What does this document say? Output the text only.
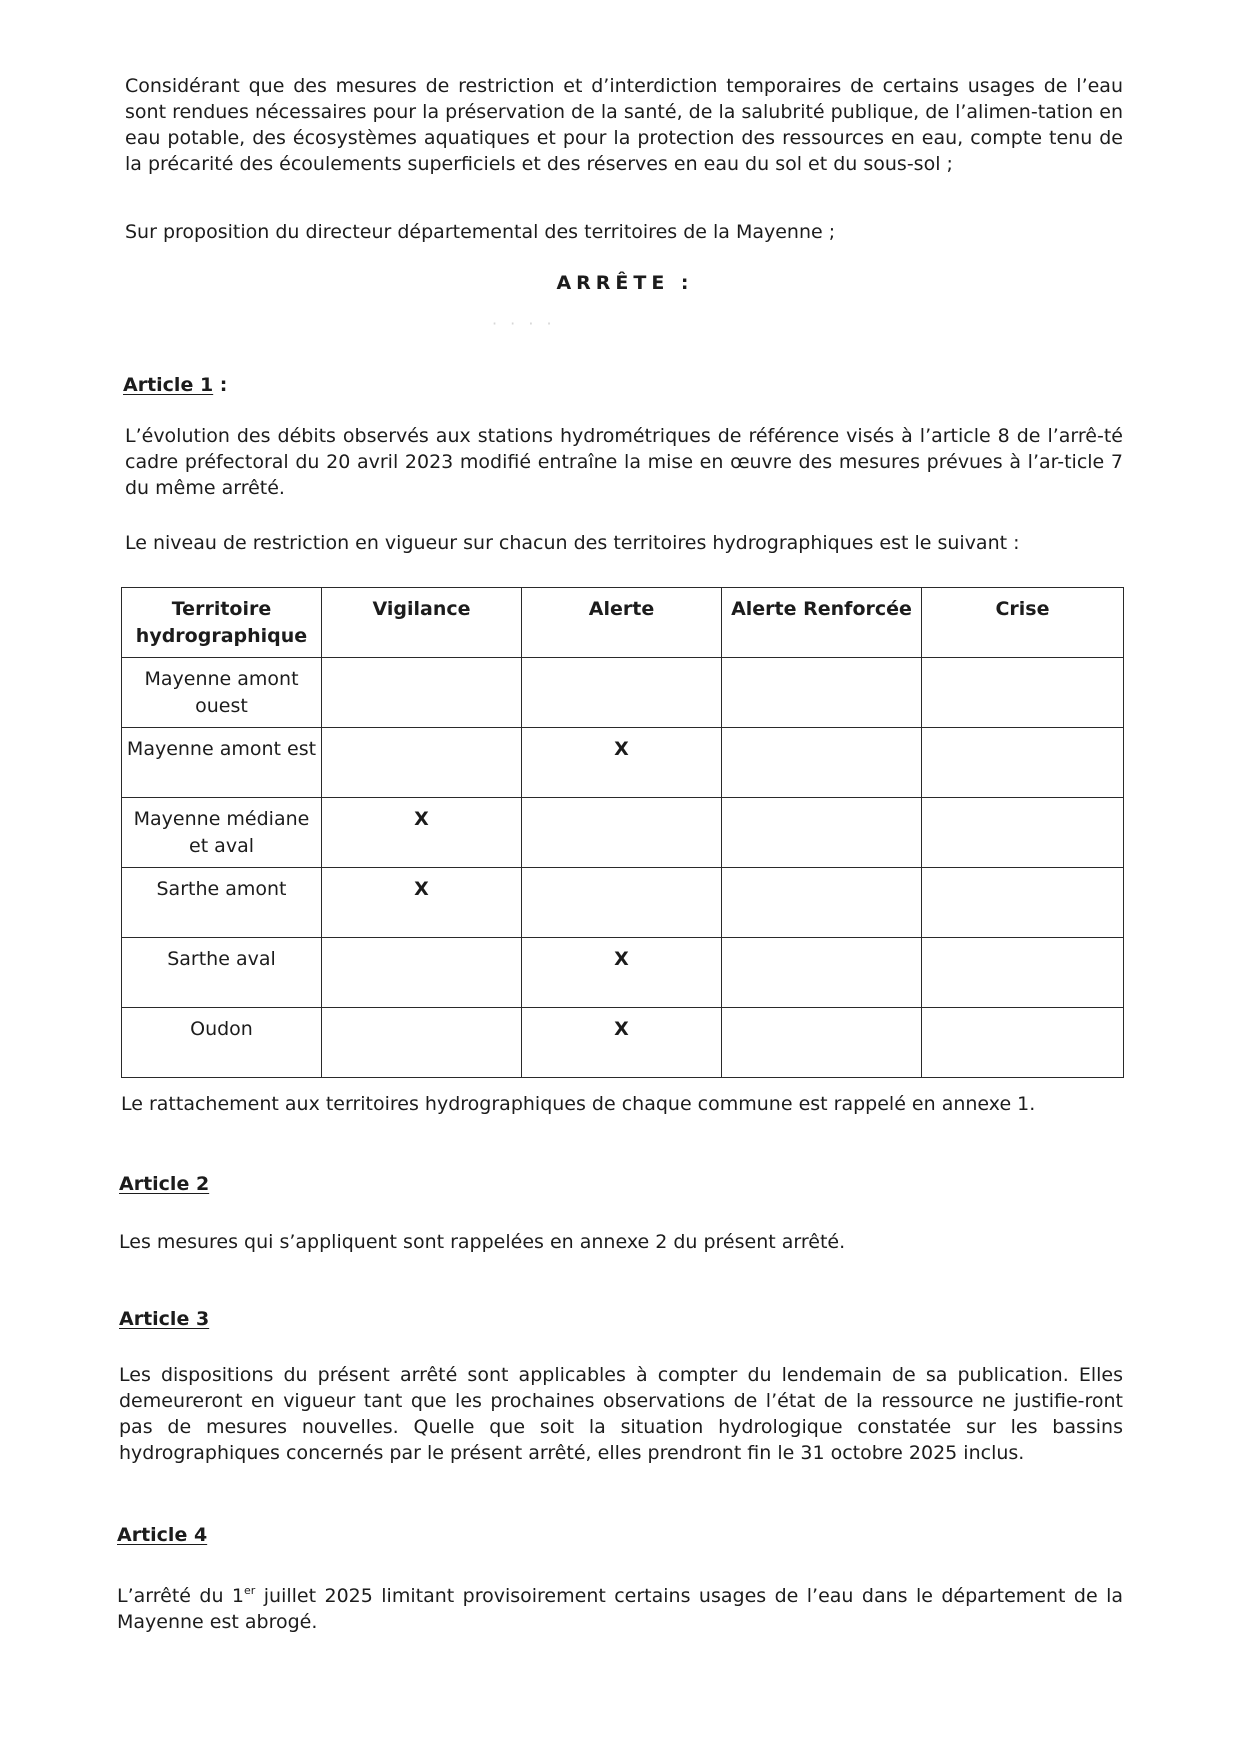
Considérant que des mesures de restriction et d’interdiction temporaires de certains usages de l’eau sont rendues nécessaires pour la préservation de la santé, de la salubrité publique, de l’alimen-tation en eau potable, des écosystèmes aquatiques et pour la protection des ressources en eau, compte tenu de la précarité des écoulements superficiels et des réserves en eau du sol et du sous-sol ;

Sur proposition du directeur départemental des territoires de la Mayenne ;

ARRÊTE :
· · · ·
Article 1 :

L’évolution des débits observés aux stations hydrométriques de référence visés à l’article 8 de l’arrê-té cadre préfectoral du 20 avril 2023 modifié entraîne la mise en œuvre des mesures prévues à l’ar-ticle 7 du même arrêté.

Le niveau de restriction en vigueur sur chacun des territoires hydrographiques est le suivant :

Territoire hydrographique	Vigilance	Alerte	Alerte Renforcée	Crise
Mayenne amont ouest				
Mayenne amont est		X		
Mayenne médiane et aval	X			
Sarthe amont	X			
Sarthe aval		X		
Oudon		X		

Le rattachement aux territoires hydrographiques de chaque commune est rappelé en annexe 1.

Article 2

Les mesures qui s’appliquent sont rappelées en annexe 2 du présent arrêté.

Article 3

Les dispositions du présent arrêté sont applicables à compter du lendemain de sa publication. Elles demeureront en vigueur tant que les prochaines observations de l’état de la ressource ne justifie-ront pas de mesures nouvelles. Quelle que soit la situation hydrologique constatée sur les bassins hydrographiques concernés par le présent arrêté, elles prendront fin le 31 octobre 2025 inclus.

Article 4

L’arrêté du 1er juillet 2025 limitant provisoirement certains usages de l’eau dans le département de la Mayenne est abrogé.
